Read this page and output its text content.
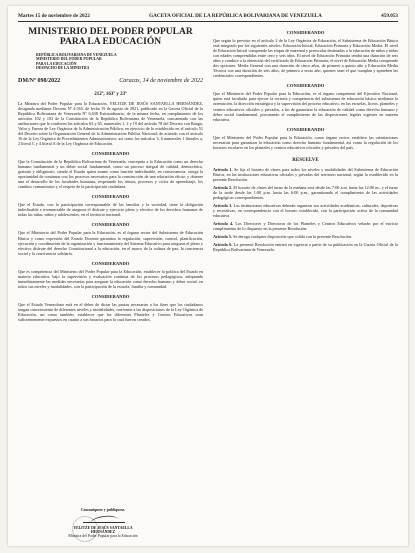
Martes 15 de noviembre de 2022	GACETA OFICIAL DE LA REPÚBLICA BOLIVARIANA DE VENEZUELA	459.053
MINISTERIO DEL PODER POPULAR PARA LA EDUCACIÓN
REPÚBLICA BOLIVARIANA DE VENEZUELA
MINISTERIO DEL PODER POPULAR
PARA LA EDUCACIÓN
DESPACHO DE LA MINISTRA
DM/Nº 098/2022	Caracas, 14 de noviembre de 2022
212º, 163º y 23º

La Ministra del Poder Popular para la Educación, YELITZE DE JESÚS SANTAELLA HERNÁNDEZ, designada mediante Decreto Nº 4.565, de fecha 19 de agosto de 2021, publicado en la Gaceta Oficial de la República Bolivariana de Venezuela Nº 6.638 Extraordinario, de la misma fecha, en cumplimiento de los artículos 102 y 103 de la Constitución de la República Bolivariana de Venezuela, concatenado con las atribuciones que le confieren los artículos 63 y 65, numerales 1, 2 y 19 del artículo 78 del Decreto con Rango, Valor y Fuerza de Ley Orgánica de la Administración Pública; en ejercicio de lo establecido en el artículo 51 del Decreto sobre la Organización General de la Administración Pública Nacional; de acuerdo con el artículo 16 de la Ley Orgánica de Procedimientos Administrativos; así como los artículos 3, 6 numerales 1 literales a, 2 literal C y 4 literal A de la Ley Orgánica de Educación.

CONSIDERANDO

Que la Constitución de la República Bolivariana de Venezuela, conceptúa a la Educación como un derecho humano fundamental y un deber social fundamental, como un proceso integral de calidad, democrático, gratuito y obligatorio, siendo el Estado quien asume como función indeclinable, en consecuencia, otorga la oportunidad de continuar con los procesos necesarios para la construcción de una educación eficaz, y obtener una el desarrollo de las facultades humanas, respetando los ritmos, procesos y ciclos de aprendizaje, los cambios comunitarios y el respeto de la participación ciudadana.

CONSIDERANDO

Que el Estado, con la participación corresponsable de las familias y la sociedad, tiene la obligación indeclinable e irrenunciable de asegurar el disfrute y ejercicio pleno y efectivo de los derechos humanos de todas las niñas, niños y adolescentes, en el territorio nacional.

CONSIDERANDO

Que el Ministerio del Poder Popular para la Educación, es el órgano rector del Subsistema de Educación Básica y como expresión del Estado Docente garantiza la regulación, supervisión, control, planificación, ejecución y coordinación de la organización y funcionamiento del Sistema Educativo para asegurar el pleno y efectivo disfrute del derecho Constitucional a la educación, en el marco de la cultura de paz, la conciencia social y la convivencia solidaria.

CONSIDERANDO

Que es competencia del Ministerio del Poder Popular para la Educación, establecer la política del Estado en materia educativa, bajo la supervisión y evaluación continua de los procesos pedagógicos, adoptando inmediatamente las medidas necesarias para asegurar la educación como derecho humano y deber social, en todos sus niveles y modalidades, con la participación de la escuela, familia y comunidad.

CONSIDERANDO

Que el Estado Venezolano está en el deber de dictar las pautas necesarias a los fines que los ciudadanos tengan conocimiento de diferentes niveles y modalidades, conforme a las disposiciones de la Ley Orgánica de Educación, así como también, establecer que los diferentes Planteles y Centros Educativos sean suficientemente expuestos en cuanto a sus horarios para lo cual fueron creados.

CONSIDERANDO

Que según lo previsto en el artículo 2 de la Ley Orgánica de Educación, el Subsistema de Educación Básica está integrado por los siguientes niveles: Educación Inicial, Educación Primaria y Educación Media. El nivel de Educación Inicial comprende las etapas de maternal y preescolar destinadas a la educación de niños y niñas con edades comprendidas entre cero y seis años. El nivel de Educación Primaria tendrá una duración de seis años y conduce a la obtención del certificado de Educación Primaria; el nivel de Educación Media comprende dos opciones: Media General con una duración de cinco años, de primero a quinto año y Educación Media Técnica con una duración de seis años, de primero a sexto año, quienes sean el que cumplan y aprueben las credenciales correspondientes.

CONSIDERANDO

Que el Ministerio del Poder Popular para la Educación, es el órgano competente del Ejecutivo Nacional, quien está facultado para ejercer la rectoría y competencia del subsistema de educación básica, mediante la orientación, la dirección estratégica y la supervisión del proceso educativo, en las escuelas, liceos, planteles y centros educativos oficiales y privados, a fin de garantizar la educación de calidad como derecho humano y deber social fundamental, procurando el cumplimiento de las disposiciones legales vigentes en materia educativa.

CONSIDERANDO

Que el Ministerio del Poder Popular para la Educación, como órgano rector, establece las orientaciones necesarias para garantizar la educación como derecho humano fundamental, así como la regulación de los horarios escolares en los planteles y centros educativos oficiales y privados del país.

RESUELVE

Artículo 1. Se fija el horario de clases para todos los niveles y modalidades del Subsistema de Educación Básica, en las instituciones educativas oficiales y privadas del territorio nacional, según lo establecido en la presente Resolución.

Artículo 2. El horario de clases del turno de la mañana será desde las 7:00 a.m. hasta las 12:00 m., y el turno de la tarde desde las 1:00 p.m. hasta las 6:00 p.m., garantizando el cumplimiento de las actividades pedagógicas correspondientes.

Artículo 3. Las instituciones educativas deberán organizar sus actividades académicas, culturales, deportivas y recreativas, en correspondencia con el horario establecido, con la participación activa de la comunidad educativa.

Artículo 4. Los Directores y Directoras de los Planteles y Centros Educativos velarán por el estricto cumplimiento de lo dispuesto en la presente Resolución.

Artículo 5. Se deroga cualquier disposición que colida con la presente Resolución.

Artículo 6. La presente Resolución entrará en vigencia a partir de su publicación en la Gaceta Oficial de la República Bolivariana de Venezuela.

Comuníquese y publíquese.
YELITZE DE JESÚS SANTAELLA HERNÁNDEZ
Ministra del Poder Popular para la Educación
